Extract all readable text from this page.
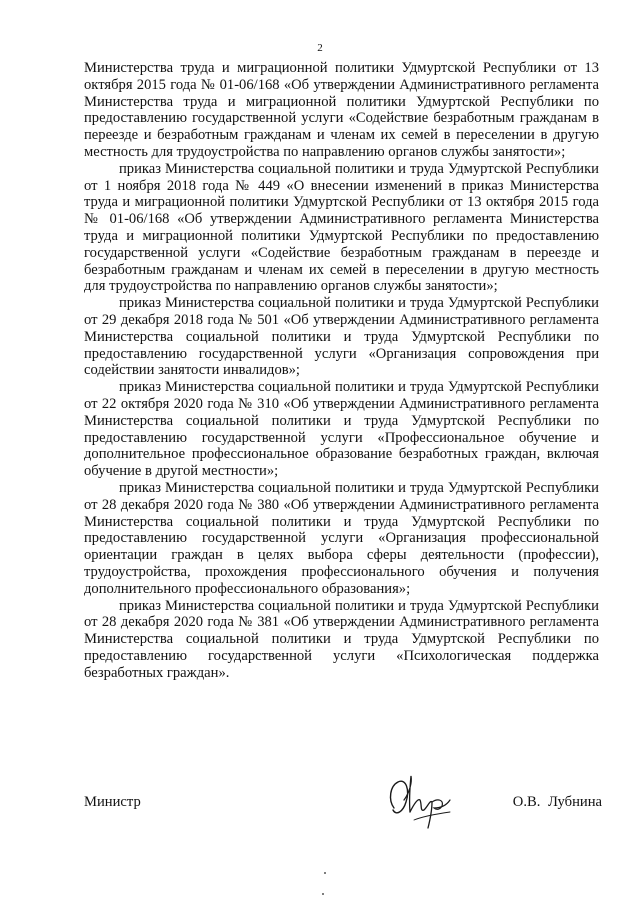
2

Министерства труда и миграционной политики Удмуртской Республики от 13 октября 2015 года № 01-06/168 «Об утверждении Административного регламента Министерства труда и миграционной политики Удмуртской Республики по предоставлению государственной услуги «Содействие безработным гражданам в переезде и безработным гражданам и членам их семей в переселении в другую местность для трудоустройства по направлению органов службы занятости»;

приказ Министерства социальной политики и труда Удмуртской Республики от 1 ноября 2018 года № 449 «О внесении изменений в приказ Министерства труда и миграционной политики Удмуртской Республики от 13 октября 2015 года № 01-06/168 «Об утверждении Административного регламента Министерства труда и миграционной политики Удмуртской Республики по предоставлению государственной услуги «Содействие безработным гражданам в переезде и безработным гражданам и членам их семей в переселении в другую местность для трудоустройства по направлению органов службы занятости»;

приказ Министерства социальной политики и труда Удмуртской Республики от 29 декабря 2018 года № 501 «Об утверждении Административного регламента Министерства социальной политики и труда Удмуртской Республики по предоставлению государственной услуги «Организация сопровождения при содействии занятости инвалидов»;

приказ Министерства социальной политики и труда Удмуртской Республики от 22 октября 2020 года № 310 «Об утверждении Административного регламента Министерства социальной политики и труда Удмуртской Республики по предоставлению государственной услуги «Профессиональное обучение и дополнительное профессиональное образование безработных граждан, включая обучение в другой местности»;

приказ Министерства социальной политики и труда Удмуртской Республики от 28 декабря 2020 года № 380 «Об утверждении Административного регламента Министерства социальной политики и труда Удмуртской Республики по предоставлению государственной услуги «Организация профессиональной ориентации граждан в целях выбора сферы деятельности (профессии), трудоустройства, прохождения профессионального обучения и получения дополнительного профессионального образования»;

приказ Министерства социальной политики и труда Удмуртской Республики от 28 декабря 2020 года № 381 «Об утверждении Административного регламента Министерства социальной политики и труда Удмуртской Республики по предоставлению государственной услуги «Психологическая поддержка безработных граждан».

Министр	О.В. Лубнина
